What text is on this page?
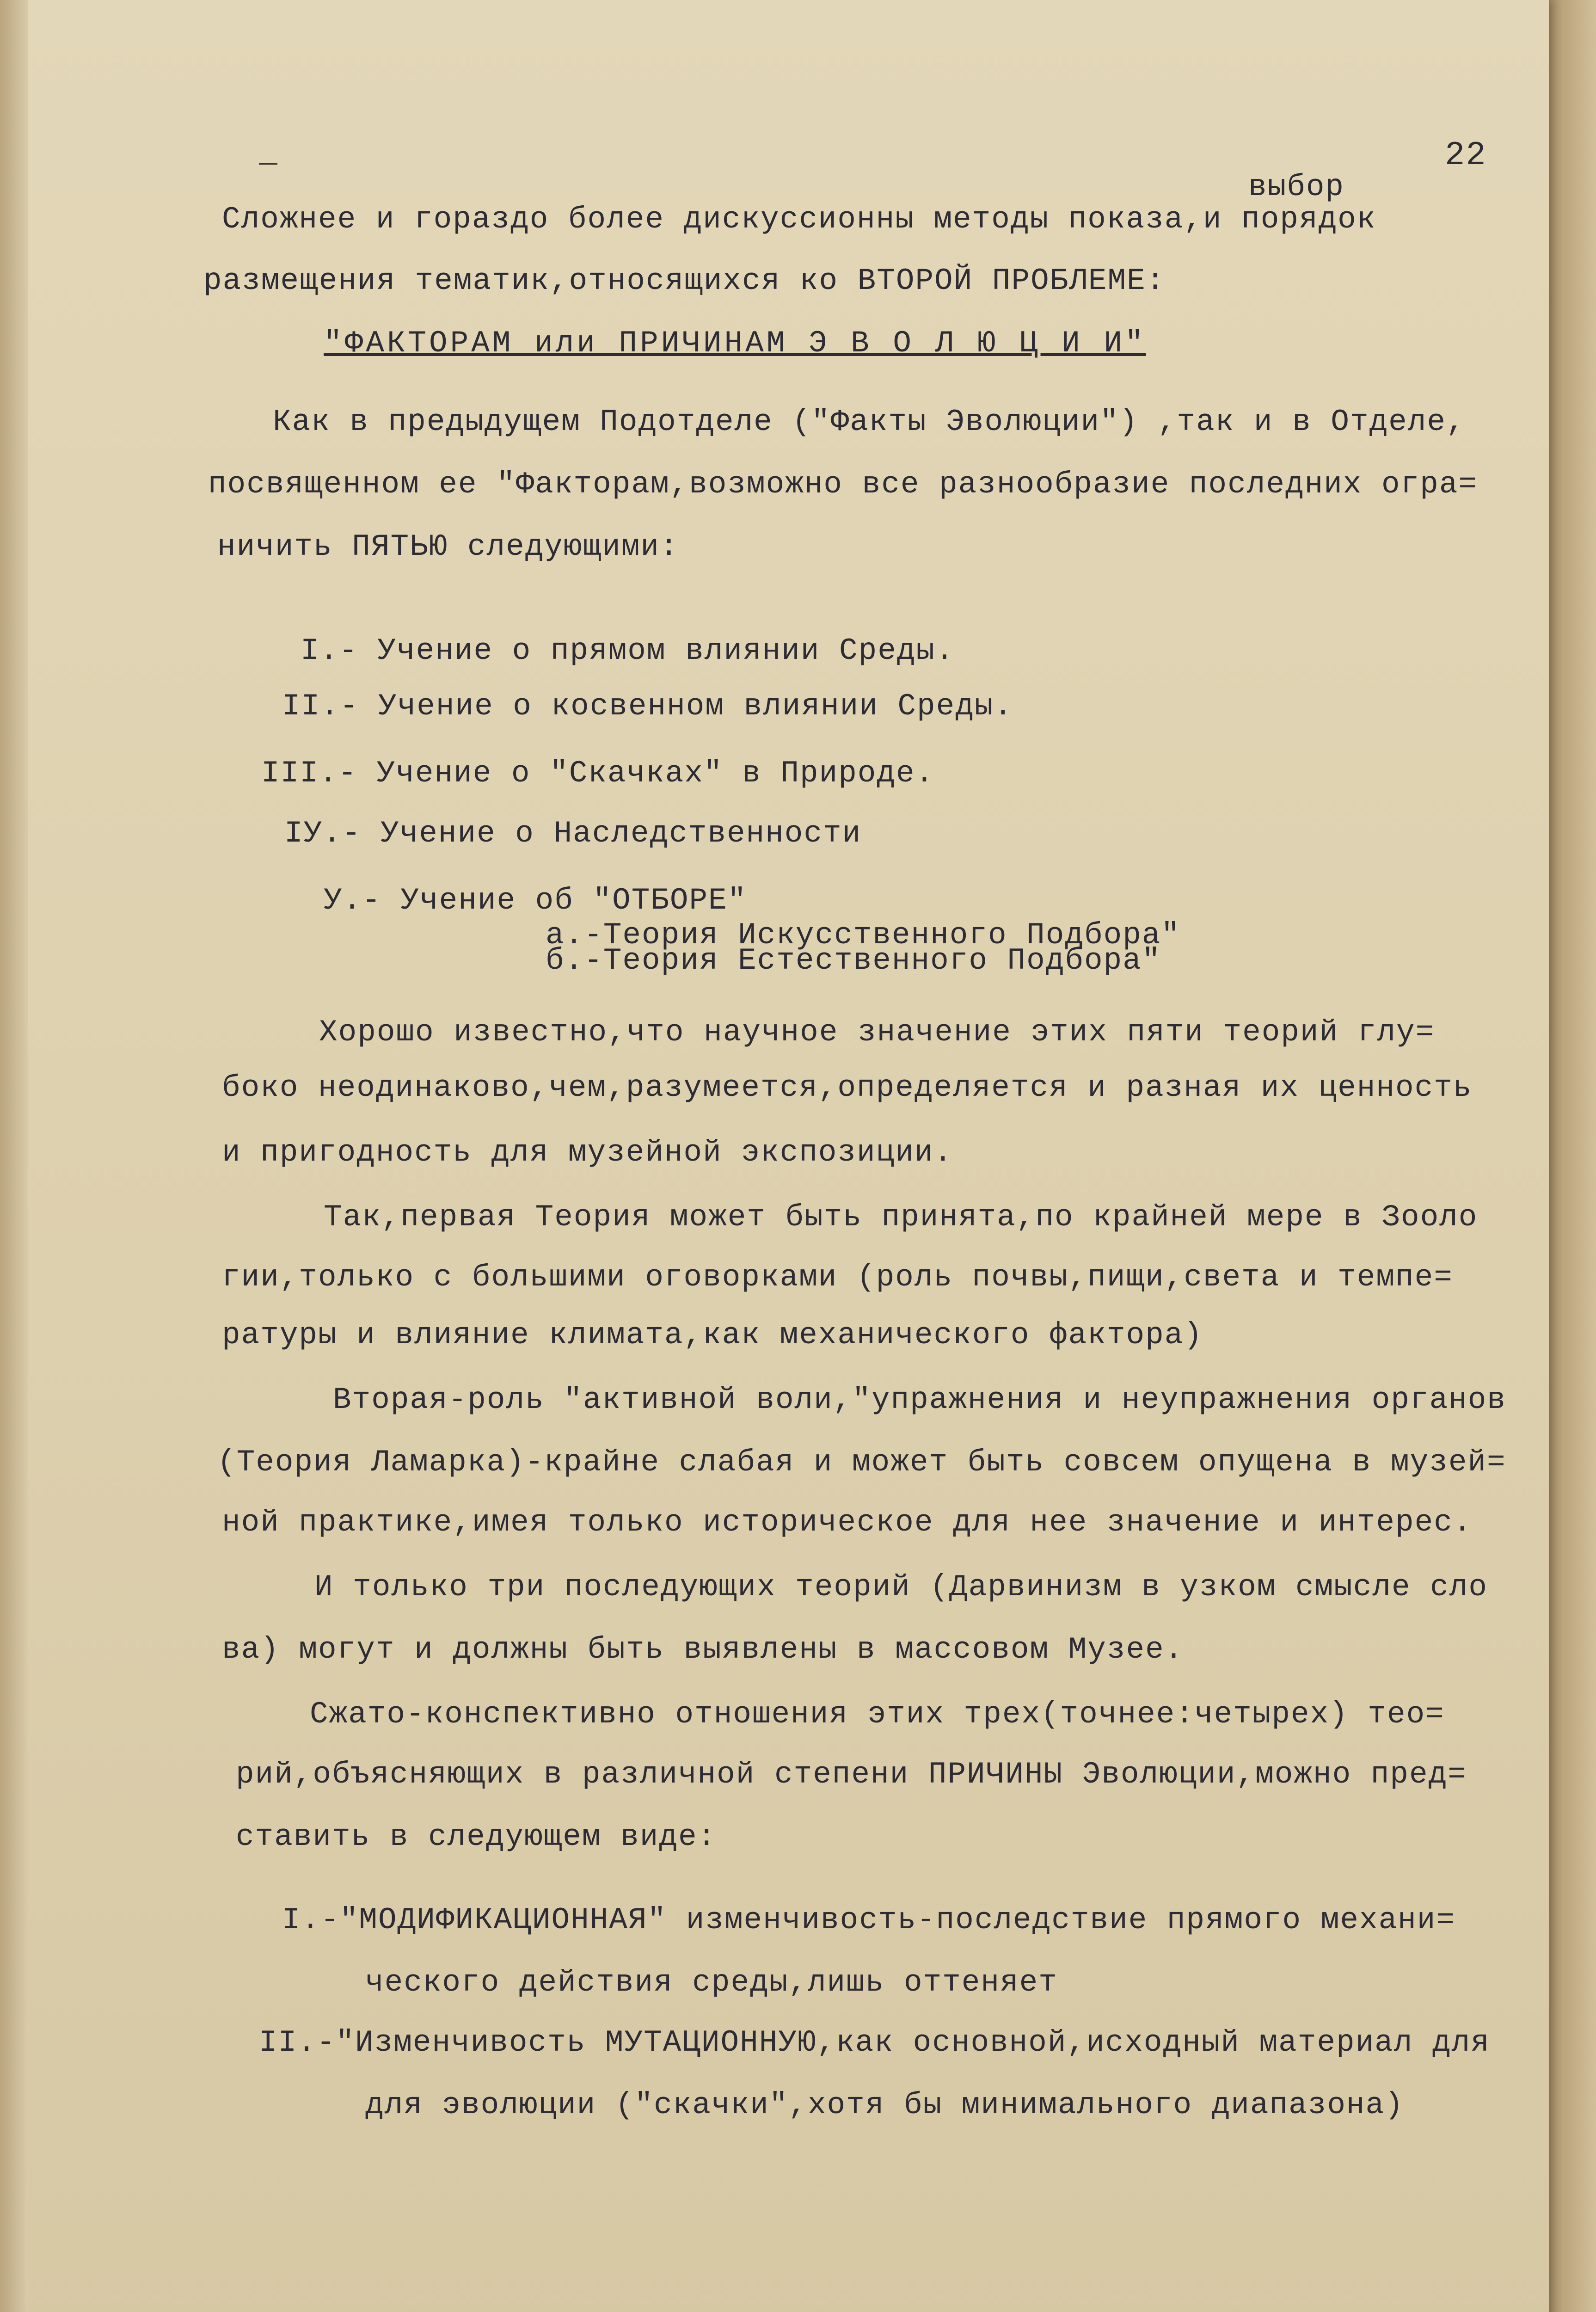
22
выбор
Сложнее и гораздо более дискуссионны методы показа,и порядок
размещения тематик,относящихся ко ВТОРОЙ ПРОБЛЕМЕ:
"ФАКТОРАМ или ПРИЧИНАМ Э В О Л Ю Ц И И"
Как в предыдущем Подотделе ("Факты Эволюции") ,так и в Отделе,
посвященном ее "Факторам,возможно все разнообразие последних огра=
ничить ПЯТЬЮ следующими:
I.- Учение о прямом влиянии Среды.
II.- Учение о косвенном влиянии Среды.
III.- Учение о "Скачках" в Природе.
IУ.- Учение о Наследственности
У.- Учение об "ОТБОРЕ"
а.-Теория Искусственного Подбора"
б.-Теория Естественного Подбора"
Хорошо известно,что научное значение этих пяти теорий глу=
боко неодинаково,чем,разумеется,определяется и разная их ценность
и пригодность для музейной экспозиции.
Так,первая Теория может быть принята,по крайней мере в Зооло
гии,только с большими оговорками (роль почвы,пищи,света и темпе=
ратуры и влияние климата,как механического фактора)
Вторая-роль "активной воли,"упражнения и неупражнения органов
(Теория Ламарка)-крайне слабая и может быть совсем опущена в музей=
ной практике,имея только историческое для нее значение и интерес.
И только три последующих теорий (Дарвинизм в узком смысле сло
ва) могут и должны быть выявлены в массовом Музее.
Сжато-конспективно отношения этих трех(точнее:четырех) тео=
рий,объясняющих в различной степени ПРИЧИНЫ Эволюции,можно пред=
ставить в следующем виде:
I.-"МОДИФИКАЦИОННАЯ" изменчивость-последствие прямого механи=
ческого действия среды,лишь оттеняет
II.-"Изменчивость МУТАЦИОННУЮ,как основной,исходный материал для
для эволюции ("скачки",хотя бы минимального диапазона)
